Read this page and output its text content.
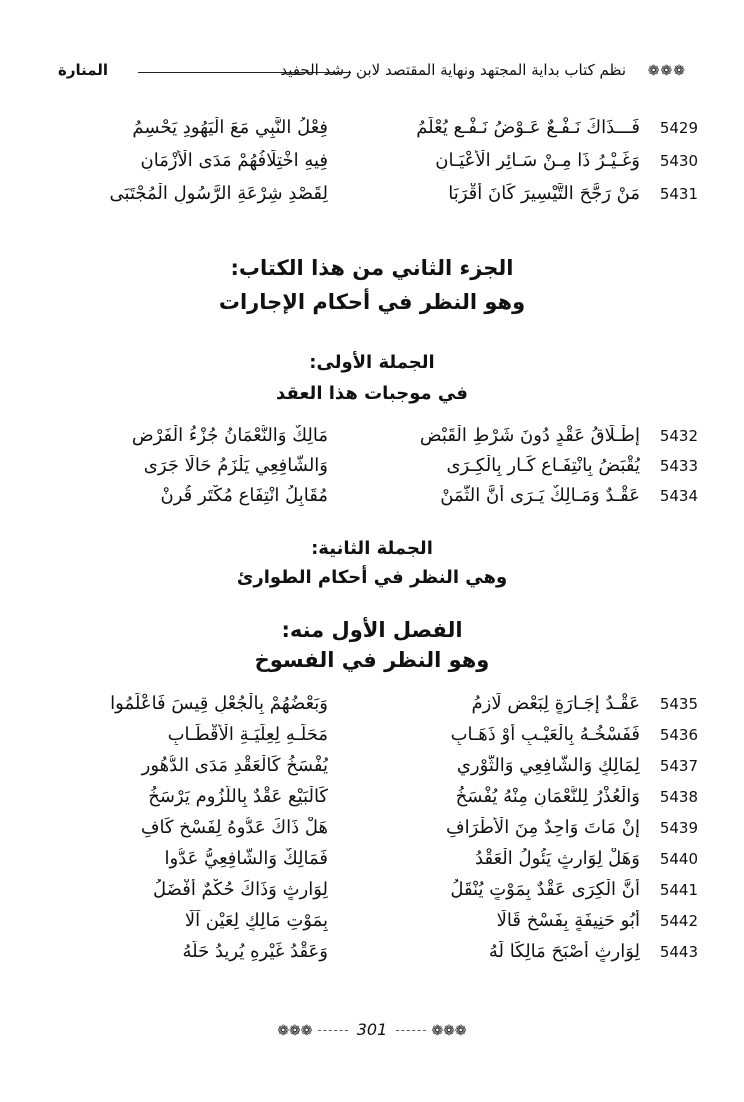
❁❁❁
نظم كتاب بداية المجتهد ونهاية المقتصد لابن رشد الحفيد
المنارة
5429
فَـــذَاكَ نَـفْـعٌ عَـوْضُ نَـفْـعٍ يُعْلَمُ
فِعْلُ النَّبِي مَعَ الْيَهُودِ يَحْسِمُ
5430
وَغَـيْـرُ ذَا مِـنْ سَـائِرِ الْأَعْيَـانِ
فِيهِ اخْتِلَافُهُمْ مَدَى الْأَزْمَانِ
5431
مَنْ رَجَّحَ التَّيْسِيرَ كَانَ أَقْرَبَا
لِقَصْدِ شِرْعَةِ الرَّسُولِ الْمُجْتَبَى
الجزء الثاني من هذا الكتاب:
وهو النظر في أحكام الإجارات
الجملة الأولى:
في موجبات هذا العقد
5432
إِطْـلَاقُ عَقْدٍ دُونَ شَرْطِ الْقَبْضِ
مَالِكٌ وَالنُّعْمَانُ جُزْءُ الْفَرْضِ
5433
يُقْبَضُ بِانْتِفَـاعِ كَـارٍ بِالْكِـرَى
وَالشَّافِعِي يَلْزَمُ حَالًا جَرَى
5434
عَقْـدٌ وَمَـالِكٌ يَـرَى أَنَّ الثَّمَنْ
مُقَابِلُ انْتِفَاعِ مُكْتَرٍ قُرِنْ
الجملة الثانية:
وهي النظر في أحكام الطوارئ
الفصل الأول منه:
وهو النظر في الفسوخ
5435
عَقْـدُ إِجَـارَةٍ لِبَعْضٍ لَازِمُ
وَبَعْضُهُمْ بِالْجُعْلِ قِيسَ فَاعْلَمُوا
5436
فَفَسْخُـهُ بِالْعَيْـبِ أَوْ ذَهَـابِ
مَحَلِّـهِ لِعِلِّيَـةِ الْأَقْطَـابِ
5437
لِمَالِكٍ وَالشَّافِعِي وَالثَّوْرِي
يُفْسَخُ كَالْعَقْدِ مَدَى الدُّهُورِ
5438
وَالْعُذْرُ لِلنُّعْمَانِ مِنْهُ يُفْسَخُ
كَالْبَيْعِ عَقْدٌ بِاللُّزُومِ يَرْسَخُ
5439
إِنْ مَاتَ وَاحِدٌ مِنَ الْأَطْرَافِ
هَلْ ذَاكَ عَدُّوهُ لِفَسْخٍ كَافِ
5440
وَهَلْ لِوَارِثٍ يَئُولُ الْعَقْدُ
فَمَالِكٌ وَالشَّافِعِيُّ عَدُّوا
5441
أَنَّ الْكِرَى عَقْدٌ بِمَوْتٍ يُنْقَلُ
لِوَارِثٍ وَذَاكَ حُكْمٌ أَفْضَلُ
5442
أَبُو حَنِيفَةٍ بِفَسْخٍ قَالَا
بِمَوْتِ مَالِكٍ لِعَيْنٍ آلَا
5443
لِوَارِثٍ أَصْبَحَ مَالِكًا لَهُ
وَعَقْدُ غَيْرِهِ يُرِيدُ حَلَّهُ
❁❁❁	301	❁❁❁
